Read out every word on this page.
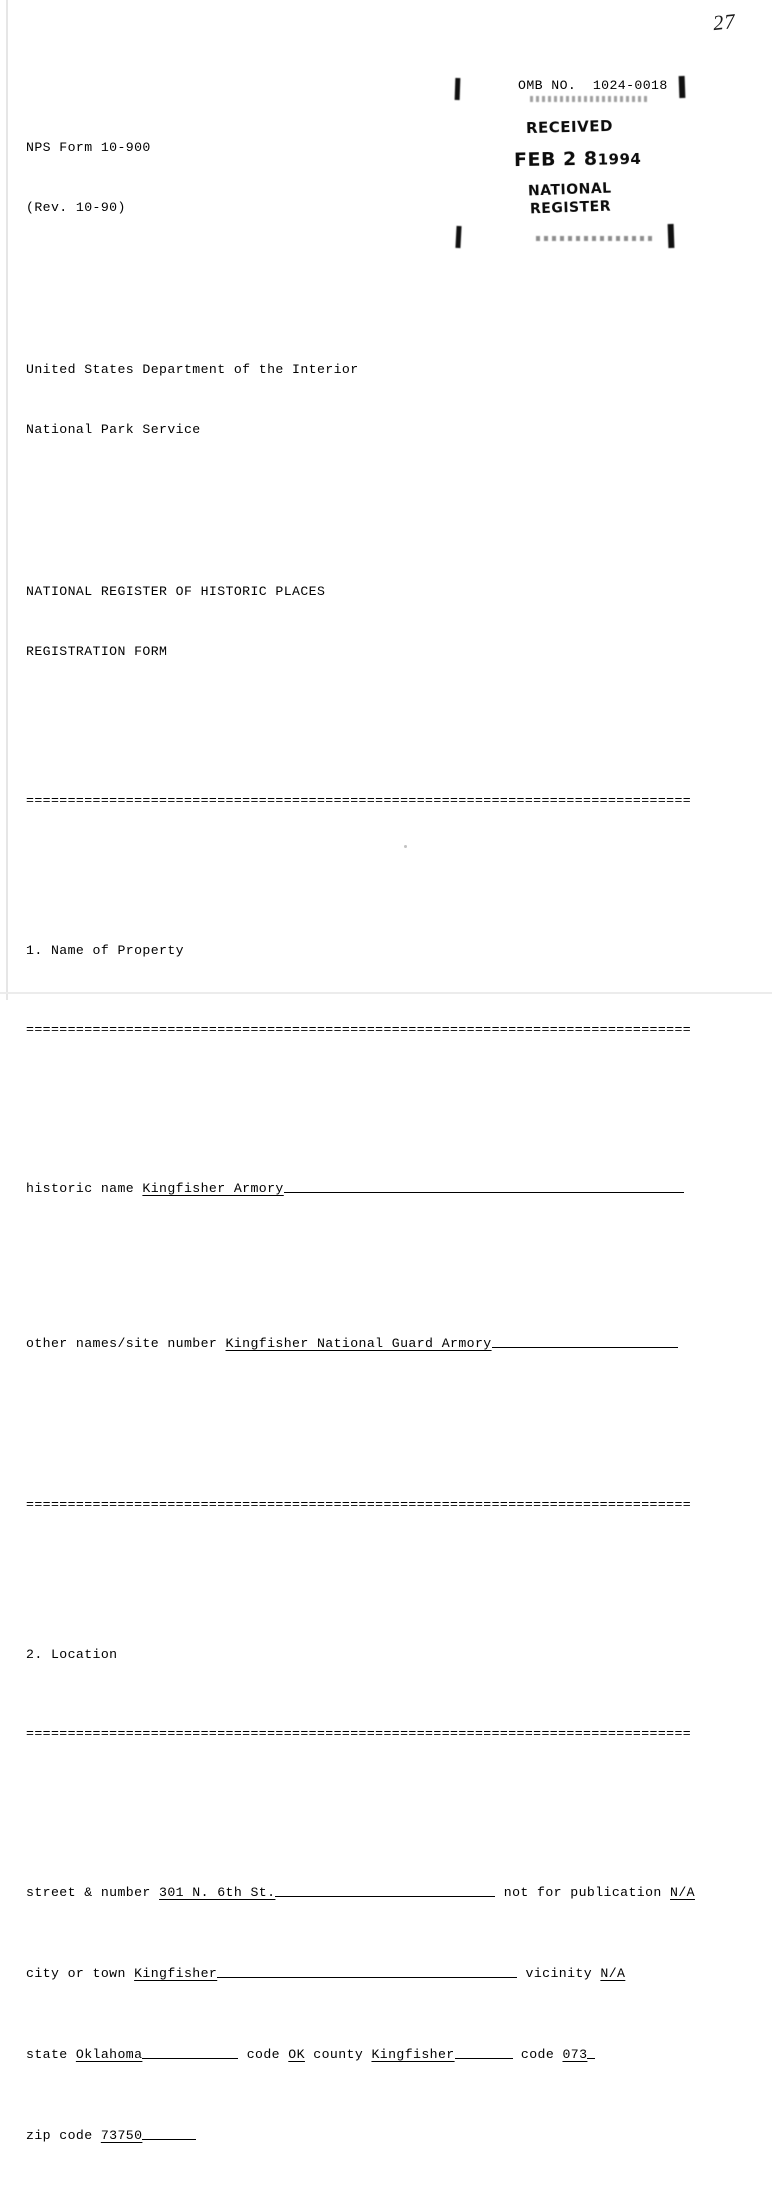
27
OMB NO.  1024-0018
RECEIVED
FEB 2 81994
NATIONAL
REGISTER

NPS Form 10-900

(Rev. 10-90)

United States Department of the Interior

National Park Service

NATIONAL REGISTER OF HISTORIC PLACES

REGISTRATION FORM

================================================================================

1. Name of Property

================================================================================

historic name Kingfisher Armory

other names/site number Kingfisher National Guard Armory

================================================================================

2. Location

================================================================================

street & number 301 N. 6th St.	not for publication N/A

city or town Kingfisher	vicinity N/A

state Oklahoma	code OK county Kingfisher	code 073

zip code 73750
